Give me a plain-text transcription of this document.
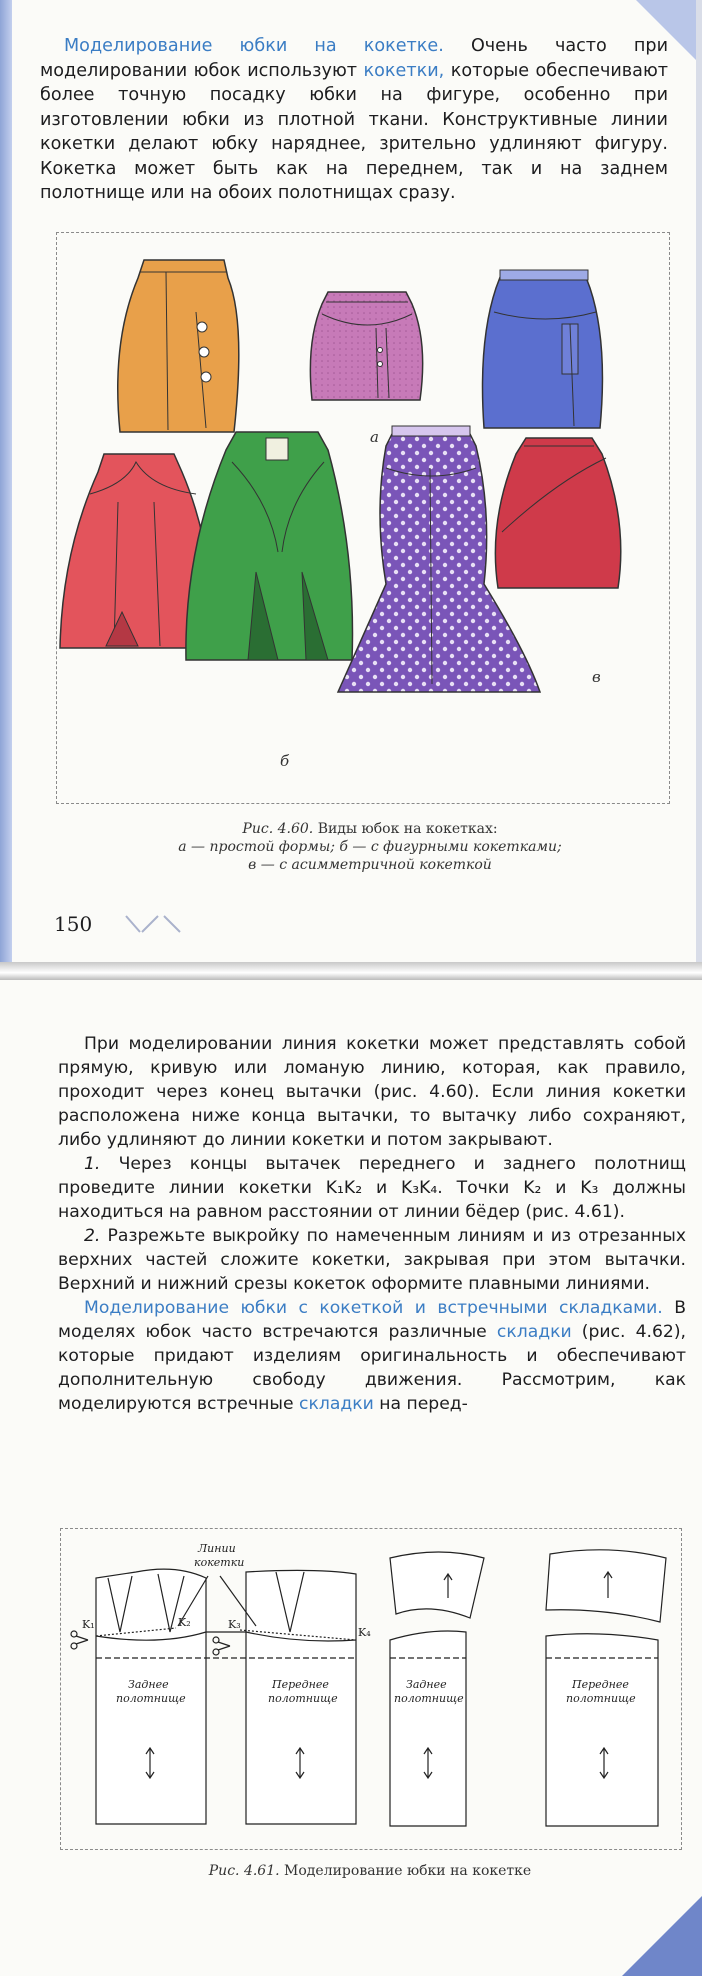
Моделирование юбки на кокетке. Очень часто при моделировании юбок используют кокетки, которые обеспечивают более точную посадку юбки на фигуре, особенно при изготовлении юбки из плотной ткани. Конструктивные линии кокетки делают юбку наряднее, зрительно удлиняют фигуру. Кокетка может быть как на переднем, так и на заднем полотнище или на обоих полотнищах сразу.

а
б
в
Рис. 4.60. Виды юбок на кокетках:
а — простой формы; б — с фигурными кокетками;
в — с асимметричной кокеткой
150

При моделировании линия кокетки может представлять собой прямую, кривую или ломаную линию, которая, как правило, проходит через конец вытачки (рис. 4.60). Если линия кокетки расположена ниже конца вытачки, то вытачку либо сохраняют, либо удлиняют до линии кокетки и потом закрывают.

1. Через концы вытачек переднего и заднего полотнищ проведите линии кокетки K₁K₂ и K₃K₄. Точки K₂ и K₃ должны находиться на равном расстоянии от линии бёдер (рис. 4.61).

2. Разрежьте выкройку по намеченным линиям и из отрезанных верхних частей сложите кокетки, закрывая при этом вытачки. Верхний и нижний срезы кокеток оформите плавными линиями.

Моделирование юбки с кокеткой и встречными складками. В моделях юбок часто встречаются различные складки (рис. 4.62), которые придают изделиям оригинальность и обеспечивают дополнительную свободу движения. Рассмотрим, как моделируются встречные складки на перед-

Линии
кокетки
K₁	K₂	K₃
K₄
Заднее
полотнище
Переднее
полотнище
Заднее
полотнище
Переднее
полотнище
Рис. 4.61. Моделирование юбки на кокетке
